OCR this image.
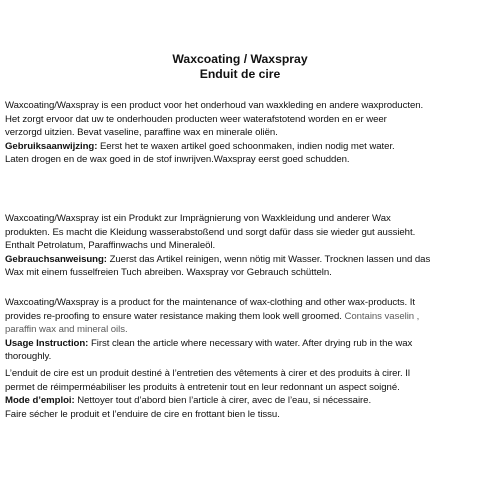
Waxcoating / Waxspray
Enduit de cire
Waxcoating/Waxspray is een product voor het onderhoud van waxkleding en andere waxproducten.
Het zorgt ervoor dat uw te onderhouden producten weer waterafstotend worden en er weer
verzorgd uitzien. Bevat vaseline, paraffine wax en minerale oliën.
Gebruiksaanwijzing: Eerst het te waxen artikel goed schoonmaken, indien nodig met water.
Laten drogen en de wax goed in de stof inwrijven.Waxspray eerst goed schudden.
Waxcoating/Waxspray ist ein Produkt zur Imprägnierung von Waxkleidung und anderer Wax
produkten. Es macht die Kleidung wasserabstoßend und sorgt dafür dass sie wieder gut aussieht.
Enthalt Petrolatum, Paraffinwachs und Mineraleöl.
Gebrauchsanweisung: Zuerst das Artikel reinigen, wenn nötig mit Wasser. Trocknen lassen und das
Wax mit einem fusselfreien Tuch abreiben. Waxspray vor Gebrauch schütteln.
Waxcoating/Waxspray is a product for the maintenance of wax-clothing and other wax-products. It
provides re-proofing to ensure water resistance making them look well groomed. Contains vaselin ,
paraffin wax and mineral oils.
Usage Instruction: First clean the article where necessary with water. After drying rub in the wax
thoroughly.
L’enduit de cire est un produit destiné à l’entretien des vêtements à cirer et des produits à cirer. Il
permet de réimperméabiliser les produits à entretenir tout en leur redonnant un aspect soigné.
Mode d’emploi: Nettoyer tout d’abord bien l’article à cirer, avec de l’eau, si nécessaire.
Faire sécher le produit et l’enduire de cire en frottant bien le tissu.
